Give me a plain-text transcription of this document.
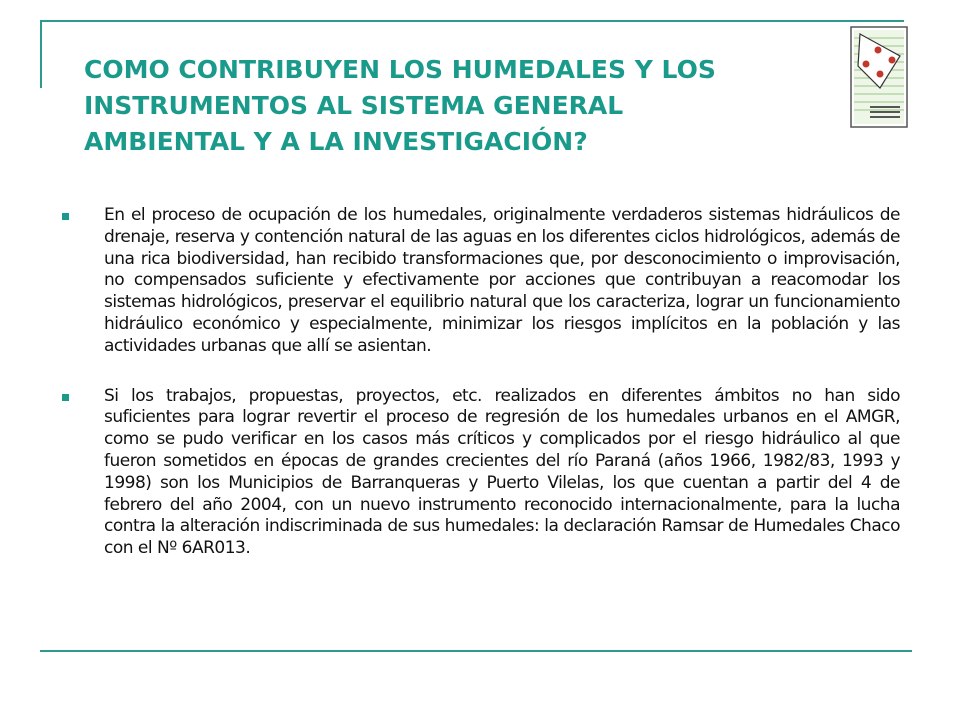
COMO CONTRIBUYEN LOS HUMEDALES Y LOS
INSTRUMENTOS AL SISTEMA GENERAL
AMBIENTAL Y A LA INVESTIGACIÓN?

En el proceso de ocupación de los humedales, originalmente verdaderos sistemas hidráulicos de drenaje, reserva y contención natural de las aguas en los diferentes ciclos hidrológicos, además de una rica biodiversidad, han recibido transformaciones que, por desconocimiento o improvisación, no compensados suficiente y efectivamente por acciones que contribuyan a reacomodar los sistemas hidrológicos, preservar el equilibrio natural que los caracteriza, lograr un funcionamiento hidráulico económico y especialmente, minimizar los riesgos implícitos en la población y las actividades urbanas que allí se asientan.

Si los trabajos, propuestas, proyectos, etc. realizados en diferentes ámbitos no han sido suficientes para lograr revertir el proceso de regresión de los humedales urbanos en el AMGR, como se pudo verificar en los casos más críticos y complicados por el riesgo hidráulico al que fueron sometidos en épocas de grandes crecientes del río Paraná (años 1966, 1982/83, 1993 y 1998) son los Municipios de Barranqueras y Puerto Vilelas, los que cuentan a partir del 4 de febrero del año 2004, con un nuevo instrumento reconocido internacionalmente, para la lucha contra la alteración indiscriminada de sus humedales: la declaración Ramsar de Humedales Chaco con el Nº 6AR013.
